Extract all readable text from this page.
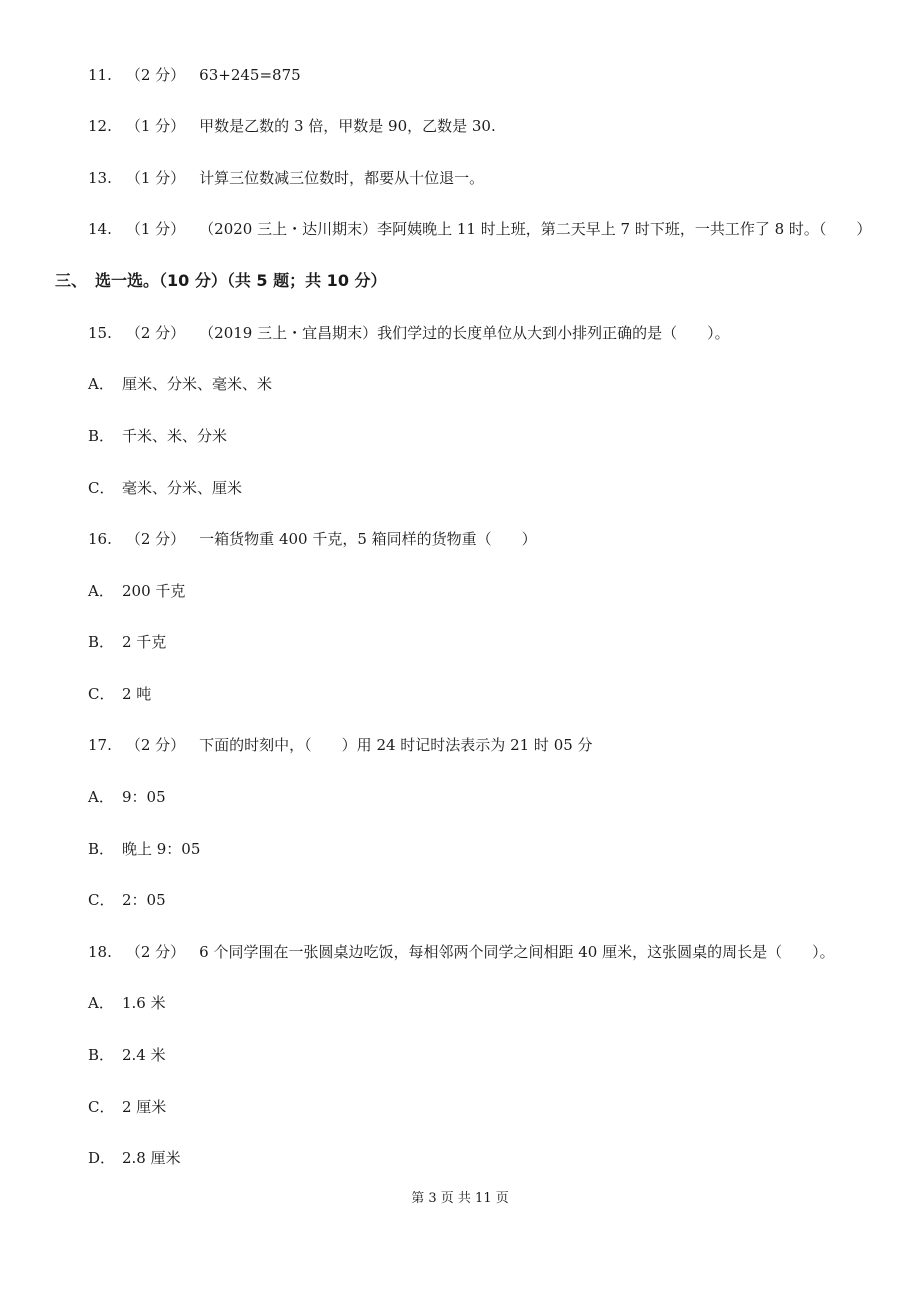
11. （2 分） 63+245=875
12. （1 分） 甲数是乙数的 3 倍，甲数是 90，乙数是 30.
13. （1 分） 计算三位数减三位数时，都要从十位退一。
14. （1 分） （2020 三上・达川期末）李阿姨晚上 11 时上班，第二天早上 7 时下班，一共工作了 8 时。（　　）
三、　选一选。（10 分）（共 5 题；共 10 分）
15. （2 分） （2019 三上・宜昌期末）我们学过的长度单位从大到小排列正确的是（　　）。
A． 厘米、分米、毫米、米
B． 千米、米、分米
C． 毫米、分米、厘米
16. （2 分） 一箱货物重 400 千克，5 箱同样的货物重（　　）
A． 200 千克
B． 2 千克
C． 2 吨
17. （2 分） 下面的时刻中，（　　）用 24 时记时法表示为 21 时 05 分
A． 9：05
B． 晚上 9：05
C． 2：05
18. （2 分） 6 个同学围在一张圆桌边吃饭，每相邻两个同学之间相距 40 厘米，这张圆桌的周长是（　　）。
A． 1.6 米
B． 2.4 米
C． 2 厘米
D． 2.8 厘米
第 3 页 共 11 页
